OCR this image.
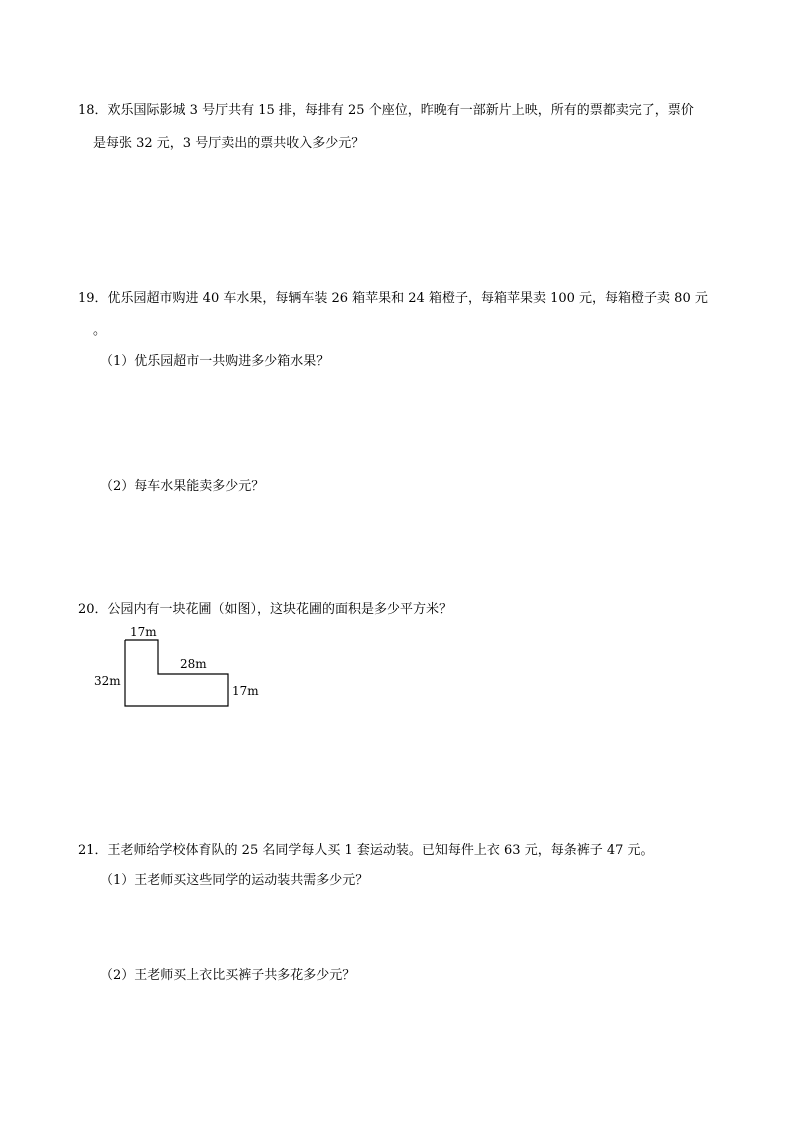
18．欢乐国际影城 3 号厅共有 15 排，每排有 25 个座位，昨晚有一部新片上映，所有的票都卖完了，票价
是每张 32 元，3 号厅卖出的票共收入多少元？
19．优乐园超市购进 40 车水果，每辆车装 26 箱苹果和 24 箱橙子，每箱苹果卖 100 元，每箱橙子卖 80 元
。
（1）优乐园超市一共购进多少箱水果？
（2）每车水果能卖多少元？
20．公园内有一块花圃（如图），这块花圃的面积是多少平方米？
17m
28m
32m
17m
21．王老师给学校体育队的 25 名同学每人买 1 套运动装。已知每件上衣 63 元，每条裤子 47 元。
（1）王老师买这些同学的运动装共需多少元？
（2）王老师买上衣比买裤子共多花多少元？
